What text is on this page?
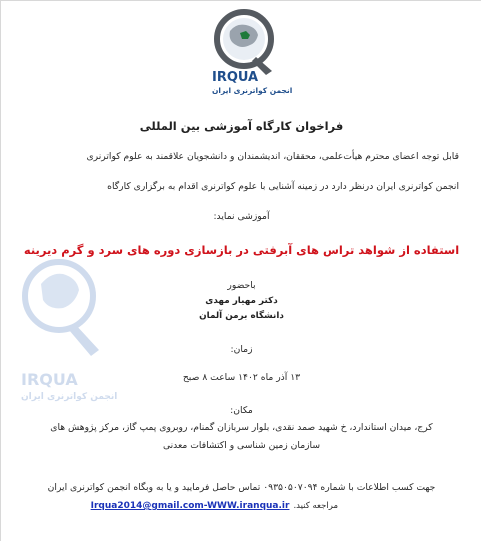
IRQUA
انجمن کواترنری ایران
IRQUA
انجمن کواترنری ایران
فراخوان کارگاه آموزشی بین المللی
قابل توجه اعضای محترم هیأت‌علمی، محققان، اندیشمندان و دانشجویان علاقمند به علوم کواترنری
انجمن کواترنری ایران درنظر دارد در زمینه آشنایی با علوم کواترنری اقدام به برگزاری کارگاه
آموزشی نماید:
استفاده از شواهد تراس های آبرفتی در بازسازی دوره های سرد و گرم دیرینه
باحضور
دکتر مهیار مهدی
دانشگاه برمن آلمان
زمان:
۱۳ آذر ماه ۱۴۰۲ ساعت ۸ صبح
مکان:
کرج، میدان استاندارد، خ شهید صمد نقدی، بلوار سربازان گمنام، روبروی پمپ گاز، مرکز پژوهش های
سازمان زمین شناسی و اکتشافات معدنی
جهت کسب اطلاعات با شماره ۰۹۳۵۰۵۰۷۰۹۴ تماس حاصل فرمایید و یا به وبگاه انجمن کواترنری ایران
مراجعه کنید.
Irqua2014@gmail.com-WWW.iranqua.ir
